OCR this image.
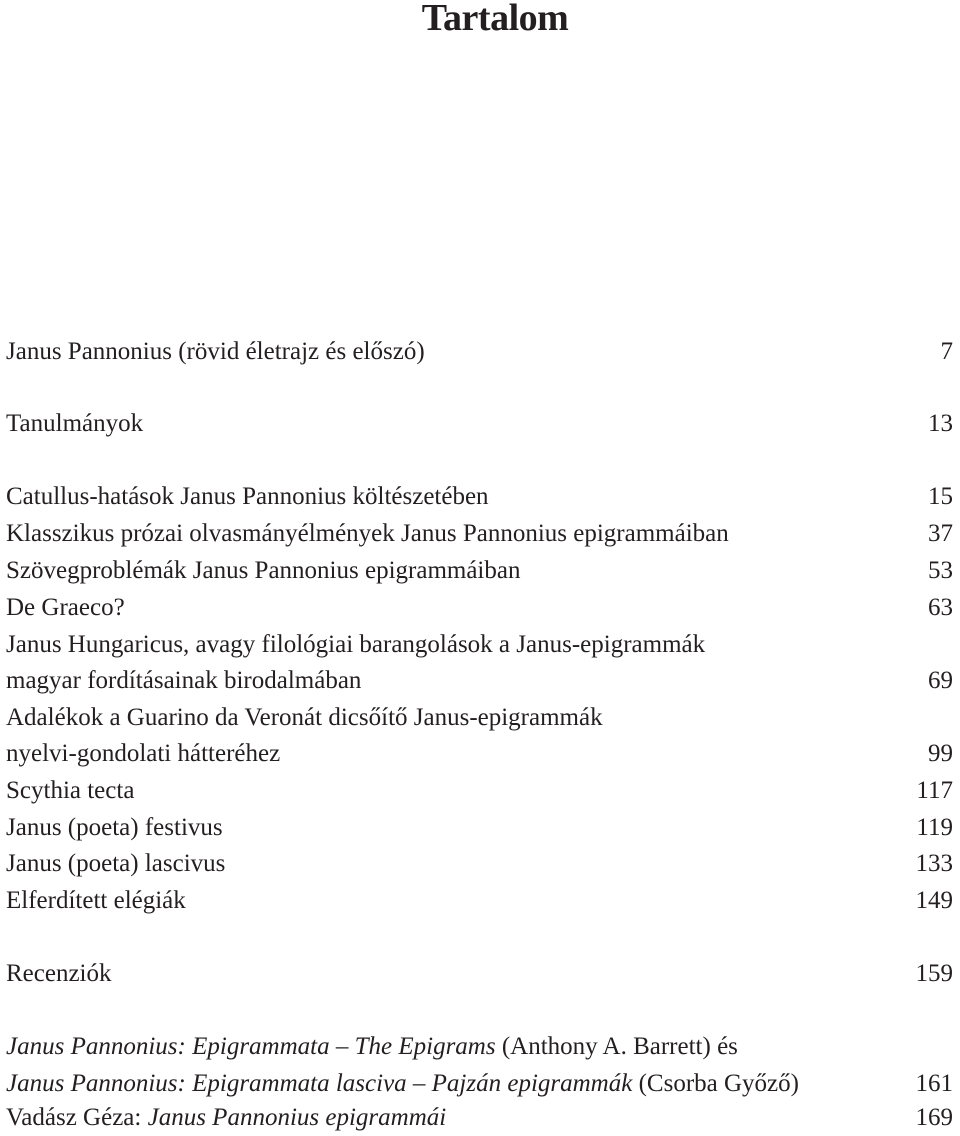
Tartalom
Janus Pannonius (rövid életrajz és előszó)	7
Tanulmányok	13
Catullus-hatások Janus Pannonius költészetében	15
Klasszikus prózai olvasmányélmények Janus Pannonius epigrammáiban	37
Szövegproblémák Janus Pannonius epigrammáiban	53
De Graeco?	63
Janus Hungaricus, avagy filológiai barangolások a Janus-epigrammák
magyar fordításainak birodalmában	69
Adalékok a Guarino da Veronát dicsőítő Janus-epigrammák
nyelvi-gondolati hátteréhez	99
Scythia tecta	117
Janus (poeta) festivus	119
Janus (poeta) lascivus	133
Elferdített elégiák	149
Recenziók	159
Janus Pannonius: Epigrammata – The Epigrams (Anthony A. Barrett) és
Janus Pannonius: Epigrammata lasciva – Pajzán epigrammák (Csorba Győző)	161
Vadász Géza: Janus Pannonius epigrammái	169
